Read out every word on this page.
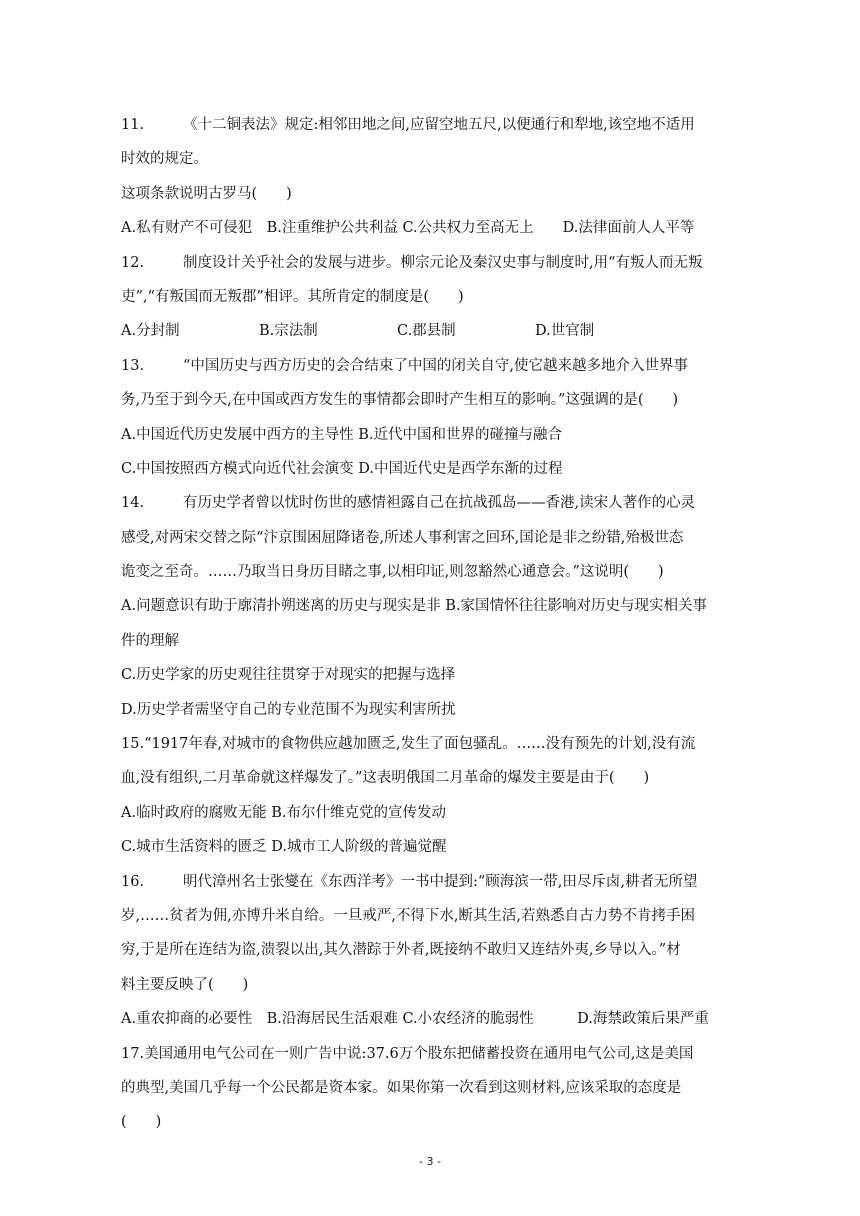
11.	《十二铜表法》规定:相邻田地之间,应留空地五尺,以便通行和犁地,该空地不适用
时效的规定。
这项条款说明古罗马(　　)
A.私有财产不可侵犯　B.注重维护公共利益 C.公共权力至高无上　　D.法律面前人人平等
12.	制度设计关乎社会的发展与进步。柳宗元论及秦汉史事与制度时,用“有叛人而无叛
吏”,“有叛国而无叛郡”相评。其所肯定的制度是(　　)
A.分封制	B.宗法制	C.郡县制	D.世官制
13.	“中国历史与西方历史的会合结束了中国的闭关自守,使它越来越多地介入世界事
务,乃至于到今天,在中国或西方发生的事情都会即时产生相互的影响。”这强调的是(　　)
A.中国近代历史发展中西方的主导性 B.近代中国和世界的碰撞与融合
C.中国按照西方模式向近代社会演变 D.中国近代史是西学东渐的过程
14.	有历史学者曾以忧时伤世的感情袒露自己在抗战孤岛——香港,读宋人著作的心灵
感受,对两宋交替之际“汴京围困屈降诸卷,所述人事利害之回环,国论是非之纷错,殆极世态
诡变之至奇。……乃取当日身历目睹之事,以相印证,则忽豁然心通意会。”这说明(　　)
A.问题意识有助于廓清扑朔迷离的历史与现实是非 B.家国情怀往往影响对历史与现实相关事
件的理解
C.历史学家的历史观往往贯穿于对现实的把握与选择
D.历史学者需坚守自己的专业范围不为现实利害所扰
15.“1917年春,对城市的食物供应越加匮乏,发生了面包骚乱。……没有预先的计划,没有流
血,没有组织,二月革命就这样爆发了。”这表明俄国二月革命的爆发主要是由于(　　)
A.临时政府的腐败无能 B.布尔什维克党的宣传发动
C.城市生活资料的匮乏 D.城市工人阶级的普遍觉醒
16.	明代漳州名士张燮在《东西洋考》一书中提到:“顾海滨一带,田尽斥卤,耕者无所望
岁,……贫者为佣,亦博升米自给。一旦戒严,不得下水,断其生活,若熟悉自古力势不肯拷手困
穷,于是所在连结为盗,溃裂以出,其久潜踪于外者,既接纳不敢归又连结外夷,乡导以入。”材
料主要反映了(　　)
A.重农抑商的必要性　B.沿海居民生活艰难 C.小农经济的脆弱性　　　D.海禁政策后果严重
17.美国通用电气公司在一则广告中说:37.6万个股东把储蓄投资在通用电气公司,这是美国
的典型,美国几乎每一个公民都是资本家。如果你第一次看到这则材料,应该采取的态度是
(　　)
- 3 -
